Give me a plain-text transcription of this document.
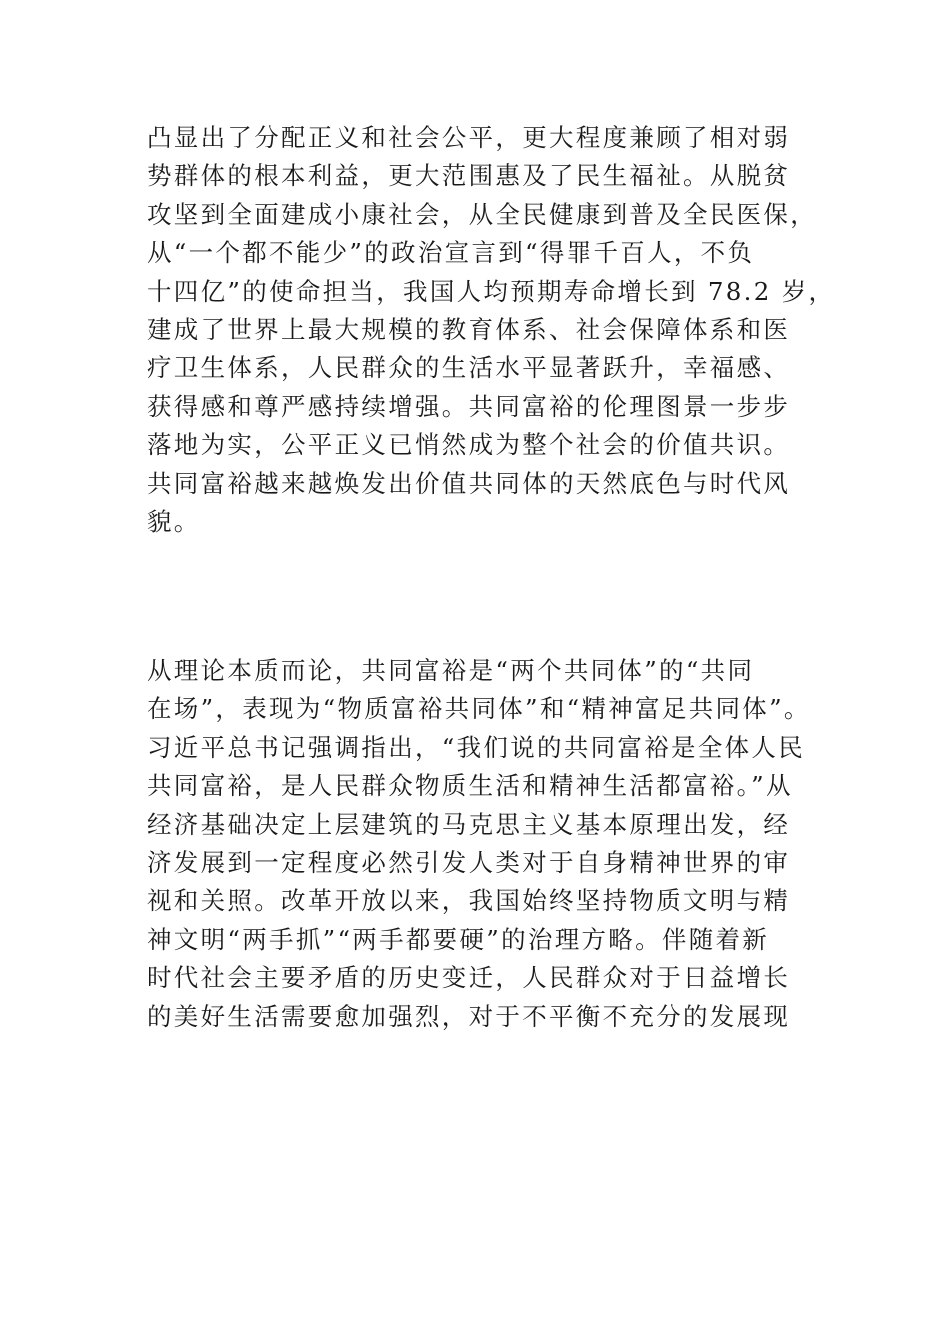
凸显出了分配正义和社会公平，更大程度兼顾了相对弱
势群体的根本利益，更大范围惠及了民生福祉。从脱贫
攻坚到全面建成小康社会，从全民健康到普及全民医保，
从“一个都不能少”的政治宣言到“得罪千百人，不负
十四亿”的使命担当，我国人均预期寿命增长到 78.2 岁，
建成了世界上最大规模的教育体系、社会保障体系和医
疗卫生体系，人民群众的生活水平显著跃升，幸福感、
获得感和尊严感持续增强。共同富裕的伦理图景一步步
落地为实，公平正义已悄然成为整个社会的价值共识。
共同富裕越来越焕发出价值共同体的天然底色与时代风
貌。
从理论本质而论，共同富裕是“两个共同体”的“共同
在场”，表现为“物质富裕共同体”和“精神富足共同体”。
习近平总书记强调指出，“我们说的共同富裕是全体人民
共同富裕，是人民群众物质生活和精神生活都富裕。”从
经济基础决定上层建筑的马克思主义基本原理出发，经
济发展到一定程度必然引发人类对于自身精神世界的审
视和关照。改革开放以来，我国始终坚持物质文明与精
神文明“两手抓”“两手都要硬”的治理方略。伴随着新
时代社会主要矛盾的历史变迁，人民群众对于日益增长
的美好生活需要愈加强烈，对于不平衡不充分的发展现
